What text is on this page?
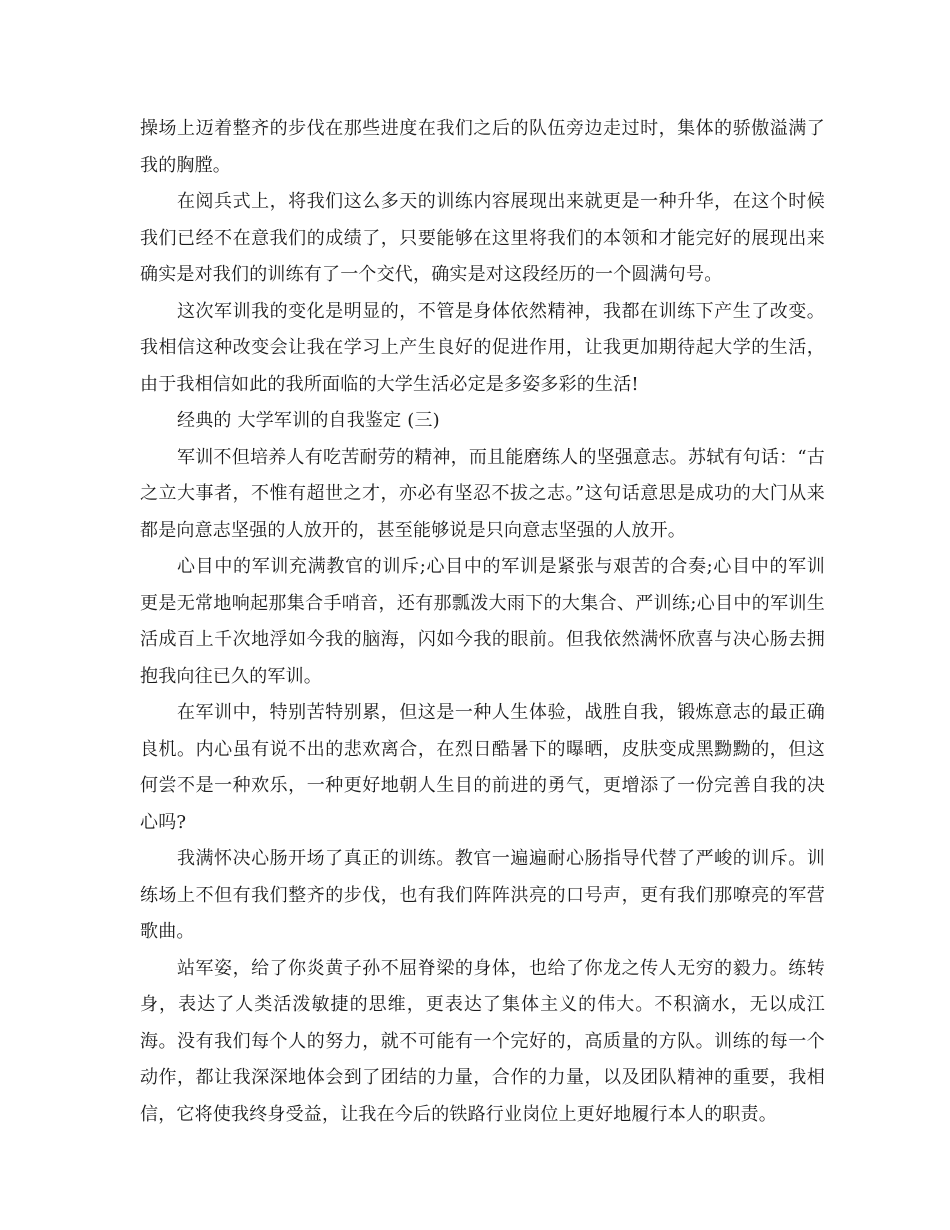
操场上迈着整齐的步伐在那些进度在我们之后的队伍旁边走过时，集体的骄傲溢满了我的胸膛。

在阅兵式上，将我们这么多天的训练内容展现出来就更是一种升华，在这个时候我们已经不在意我们的成绩了，只要能够在这里将我们的本领和才能完好的展现出来确实是对我们的训练有了一个交代，确实是对这段经历的一个圆满句号。

这次军训我的变化是明显的，不管是身体依然精神，我都在训练下产生了改变。我相信这种改变会让我在学习上产生良好的促进作用，让我更加期待起大学的生活，由于我相信如此的我所面临的大学生活必定是多姿多彩的生活!

经典的 大学军训的自我鉴定 (三)

军训不但培养人有吃苦耐劳的精神，而且能磨练人的坚强意志。苏轼有句话：“古之立大事者，不惟有超世之才，亦必有坚忍不拔之志。”这句话意思是成功的大门从来都是向意志坚强的人放开的，甚至能够说是只向意志坚强的人放开。

心目中的军训充满教官的训斥;心目中的军训是紧张与艰苦的合奏;心目中的军训更是无常地响起那集合手哨音，还有那瓢泼大雨下的大集合、严训练;心目中的军训生活成百上千次地浮如今我的脑海，闪如今我的眼前。但我依然满怀欣喜与决心肠去拥抱我向往已久的军训。

在军训中，特别苦特别累，但这是一种人生体验，战胜自我，锻炼意志的最正确良机。内心虽有说不出的悲欢离合，在烈日酷暑下的曝晒，皮肤变成黑黝黝的，但这何尝不是一种欢乐，一种更好地朝人生目的前进的勇气，更增添了一份完善自我的决心吗?

我满怀决心肠开场了真正的训练。教官一遍遍耐心肠指导代替了严峻的训斥。训练场上不但有我们整齐的步伐，也有我们阵阵洪亮的口号声，更有我们那嘹亮的军营歌曲。

站军姿，给了你炎黄子孙不屈脊梁的身体，也给了你龙之传人无穷的毅力。练转身，表达了人类活泼敏捷的思维，更表达了集体主义的伟大。不积滴水，无以成江海。没有我们每个人的努力，就不可能有一个完好的，高质量的方队。训练的每一个动作，都让我深深地体会到了团结的力量，合作的力量，以及团队精神的重要，我相信，它将使我终身受益，让我在今后的铁路行业岗位上更好地履行本人的职责。
